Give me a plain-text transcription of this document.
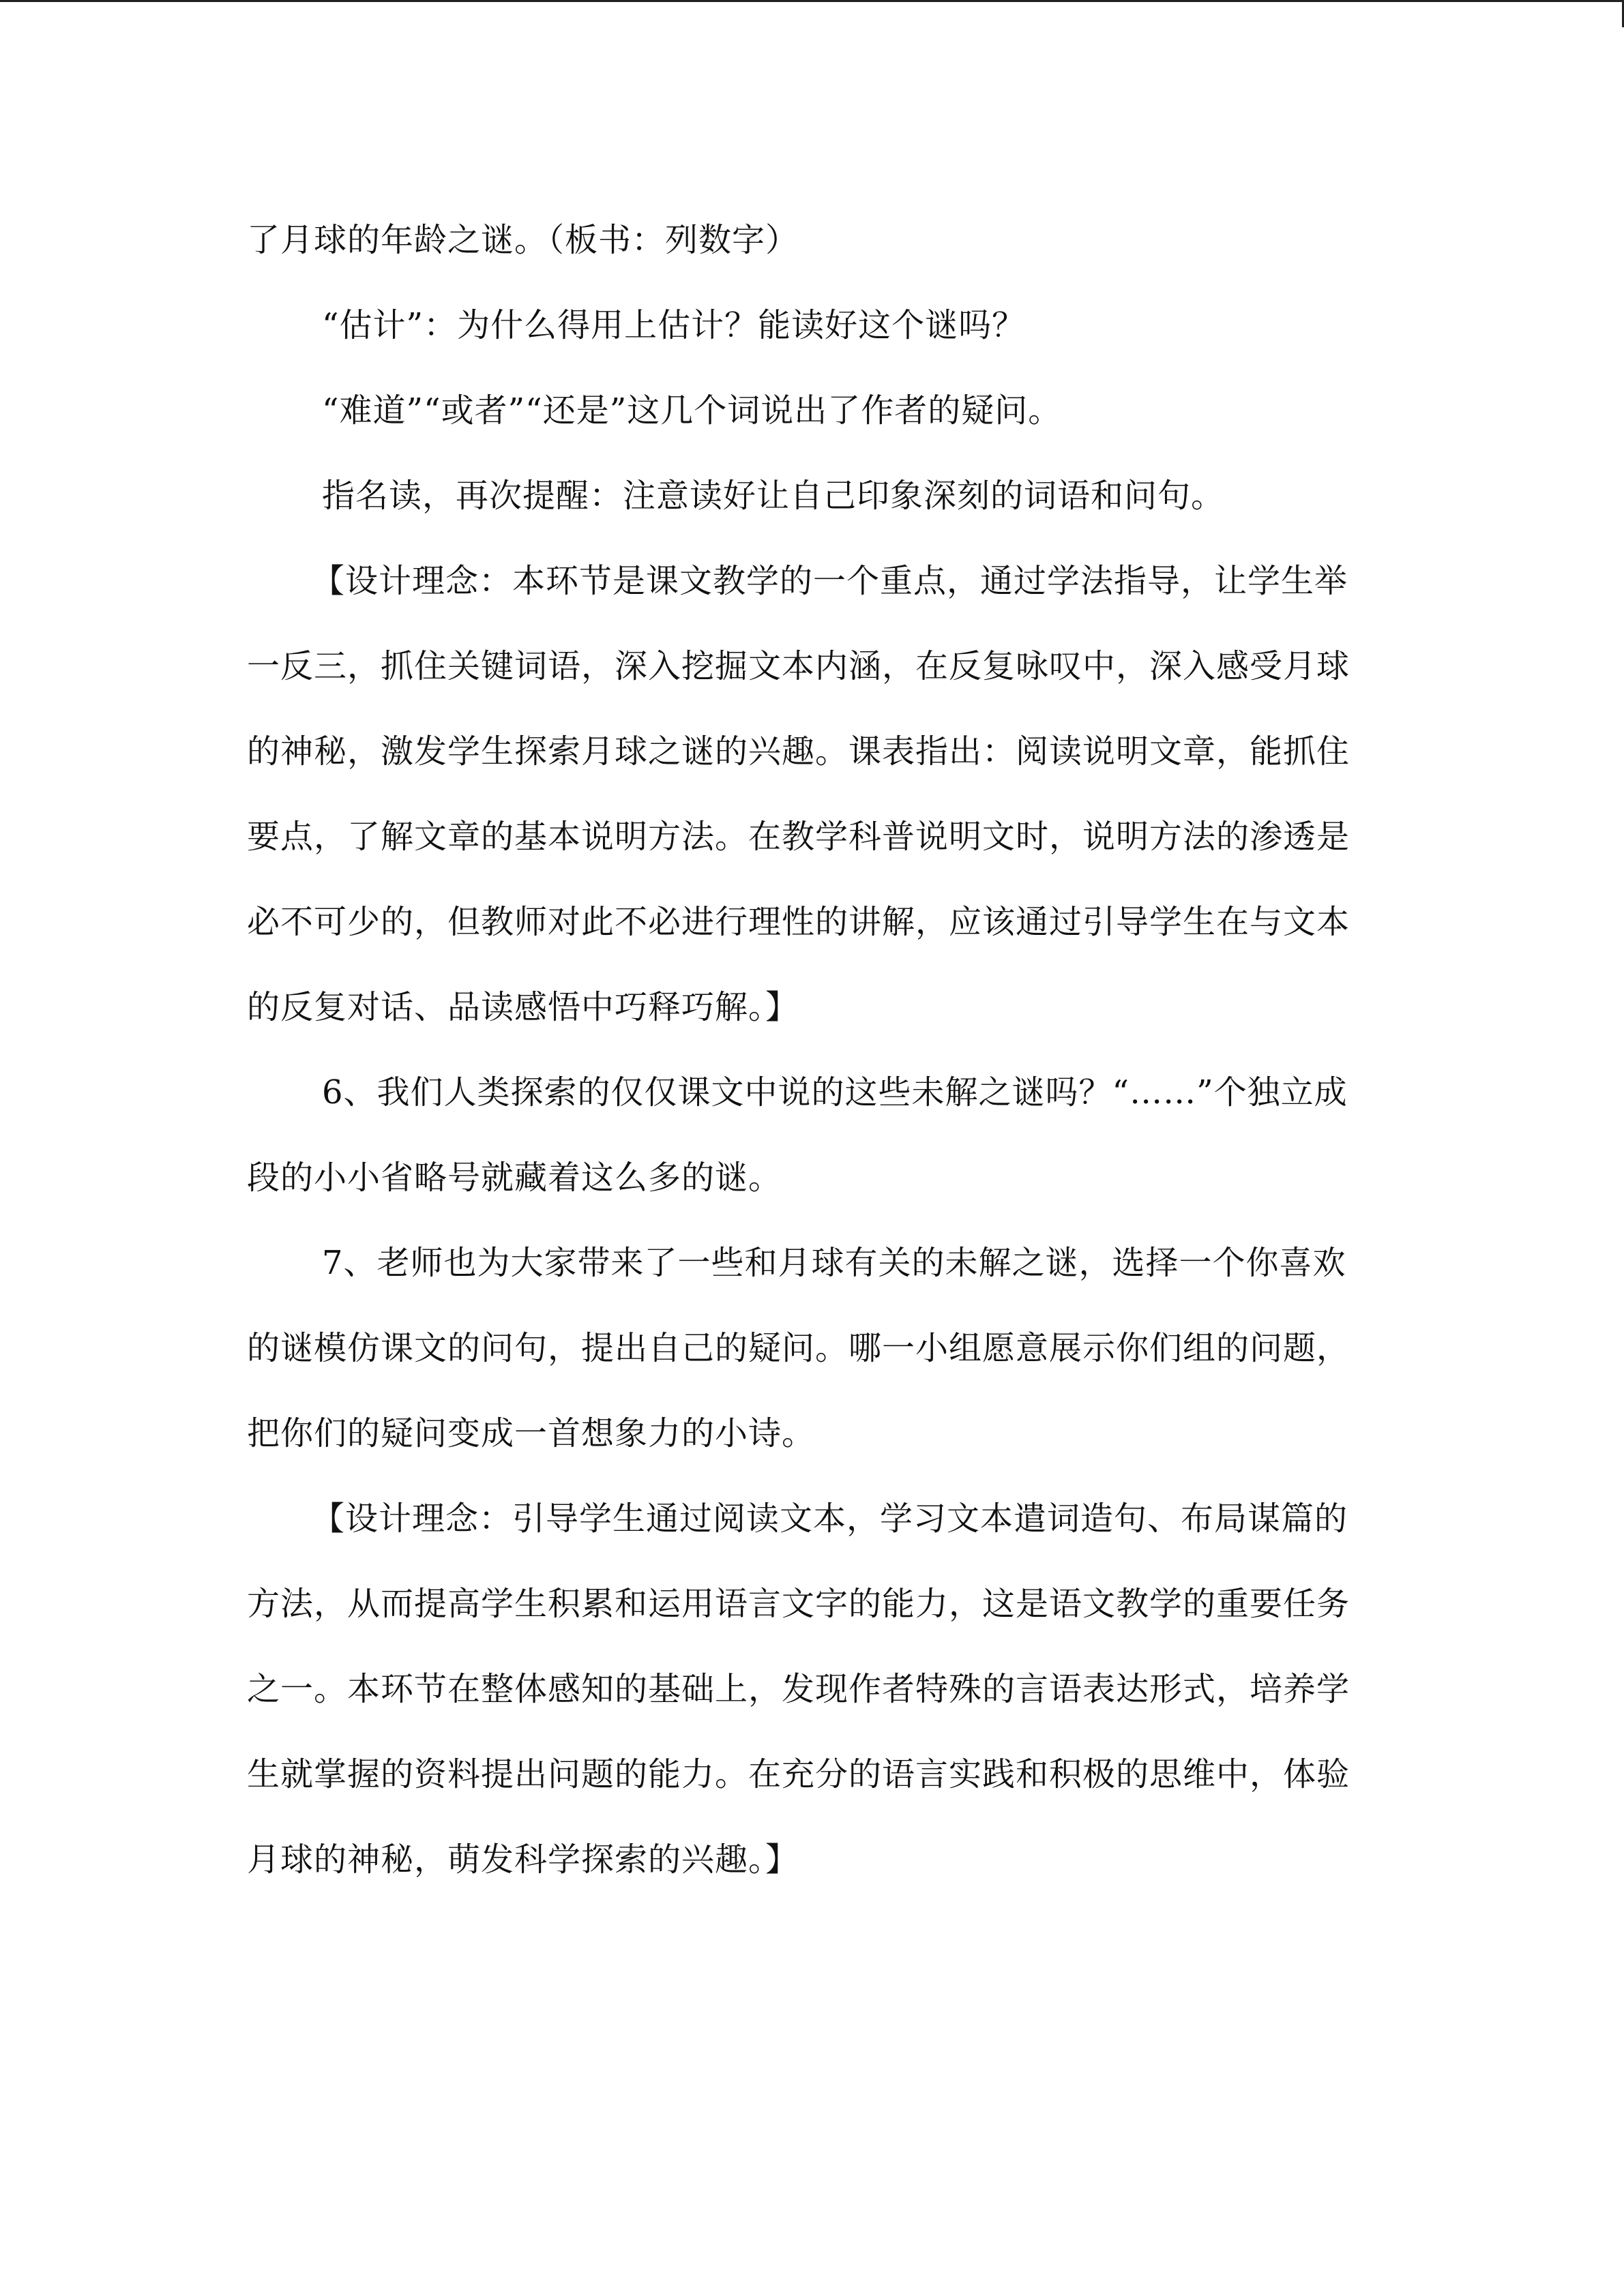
了月球的年龄之谜。（板书：列数字）

“估计”：为什么得用上估计？能读好这个谜吗？

“难道”“或者”“还是”这几个词说出了作者的疑问。

指名读，再次提醒：注意读好让自己印象深刻的词语和问句。

【设计理念：本环节是课文教学的一个重点，通过学法指导，让学生举一反三，抓住关键词语，深入挖掘文本内涵，在反复咏叹中，深入感受月球的神秘，激发学生探索月球之谜的兴趣。课表指出：阅读说明文章，能抓住要点，了解文章的基本说明方法。在教学科普说明文时，说明方法的渗透是必不可少的，但教师对此不必进行理性的讲解，应该通过引导学生在与文本的反复对话、品读感悟中巧释巧解。】

6、我们人类探索的仅仅课文中说的这些未解之谜吗？“……”个独立成段的小小省略号就藏着这么多的谜。

7、老师也为大家带来了一些和月球有关的未解之谜，选择一个你喜欢的谜模仿课文的问句，提出自己的疑问。哪一小组愿意展示你们组的问题，把你们的疑问变成一首想象力的小诗。

【设计理念：引导学生通过阅读文本，学习文本遣词造句、布局谋篇的方法，从而提高学生积累和运用语言文字的能力，这是语文教学的重要任务之一。本环节在整体感知的基础上，发现作者特殊的言语表达形式，培养学生就掌握的资料提出问题的能力。在充分的语言实践和积极的思维中，体验月球的神秘，萌发科学探索的兴趣。】
